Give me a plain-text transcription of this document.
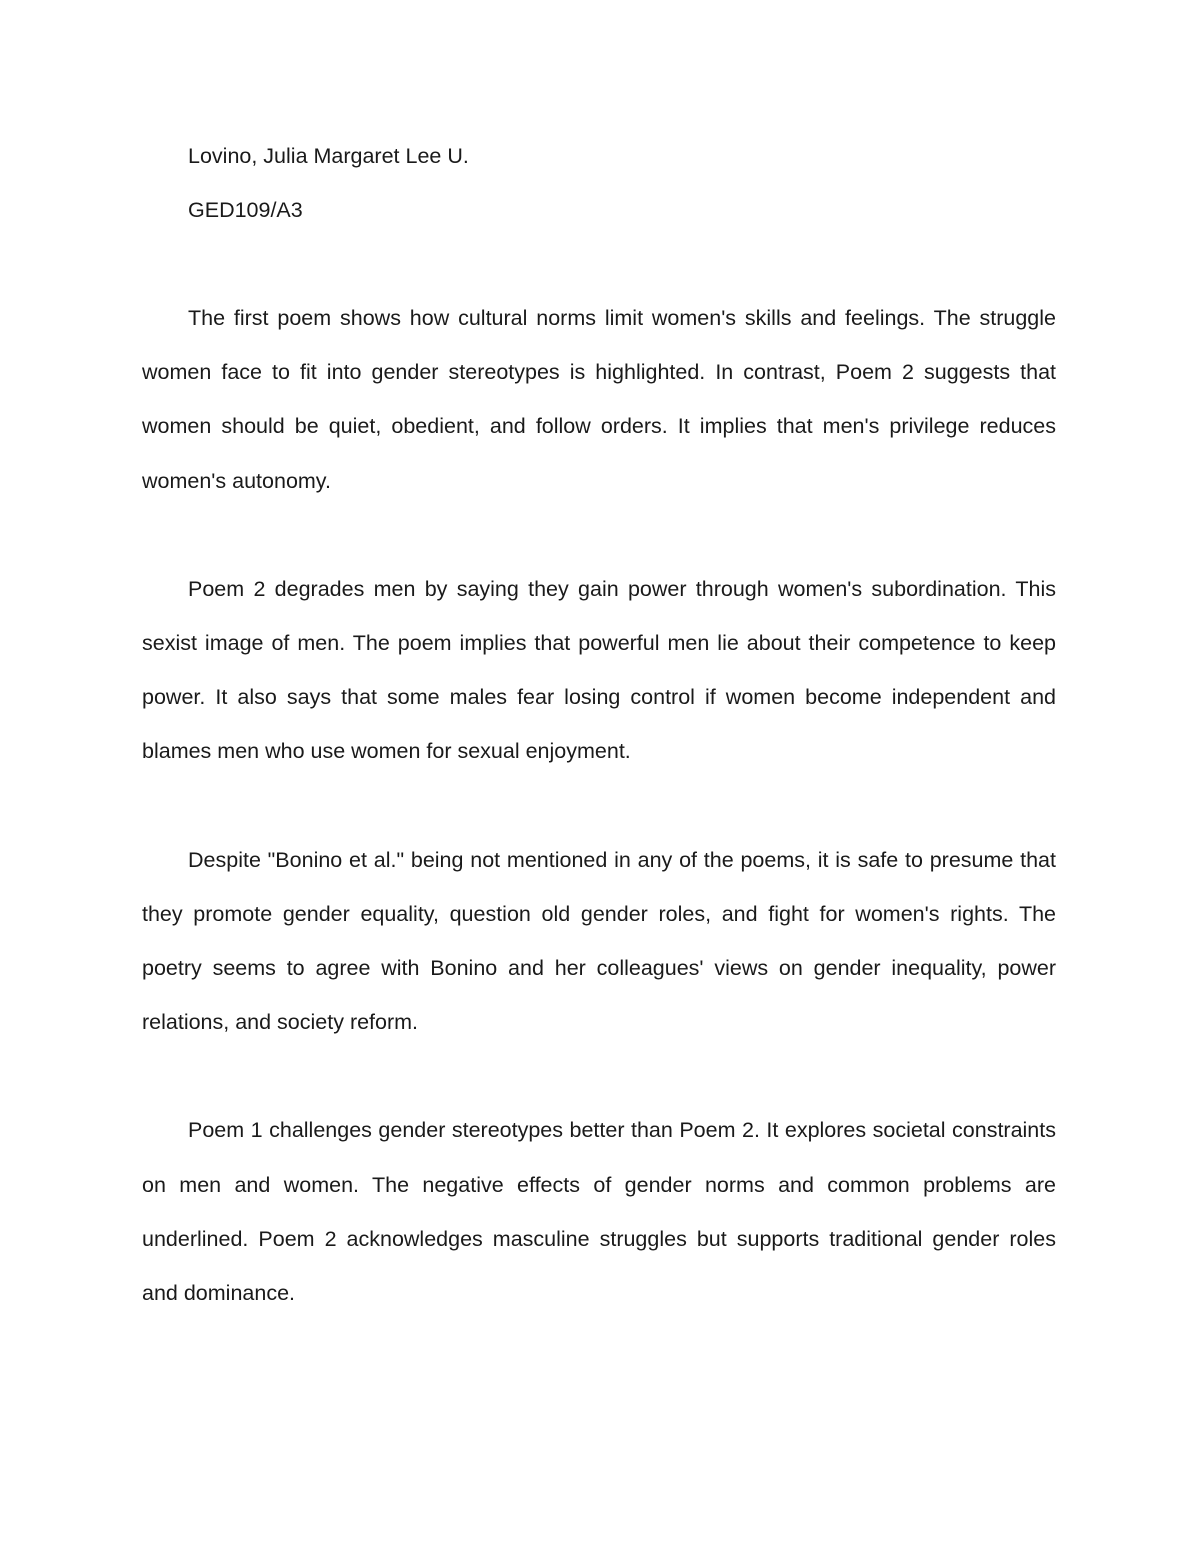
Lovino, Julia Margaret Lee U.

GED109/A3

The first poem shows how cultural norms limit women's skills and feelings. The struggle women face to fit into gender stereotypes is highlighted. In contrast, Poem 2 suggests that women should be quiet, obedient, and follow orders. It implies that men's privilege reduces women's autonomy.

Poem 2 degrades men by saying they gain power through women's subordination. This sexist image of men. The poem implies that powerful men lie about their competence to keep power. It also says that some males fear losing control if women become independent and blames men who use women for sexual enjoyment.

Despite "Bonino et al." being not mentioned in any of the poems, it is safe to presume that they promote gender equality, question old gender roles, and fight for women's rights. The poetry seems to agree with Bonino and her colleagues' views on gender inequality, power relations, and society reform.

Poem 1 challenges gender stereotypes better than Poem 2. It explores societal constraints on men and women. The negative effects of gender norms and common problems are underlined. Poem 2 acknowledges masculine struggles but supports traditional gender roles and dominance.
